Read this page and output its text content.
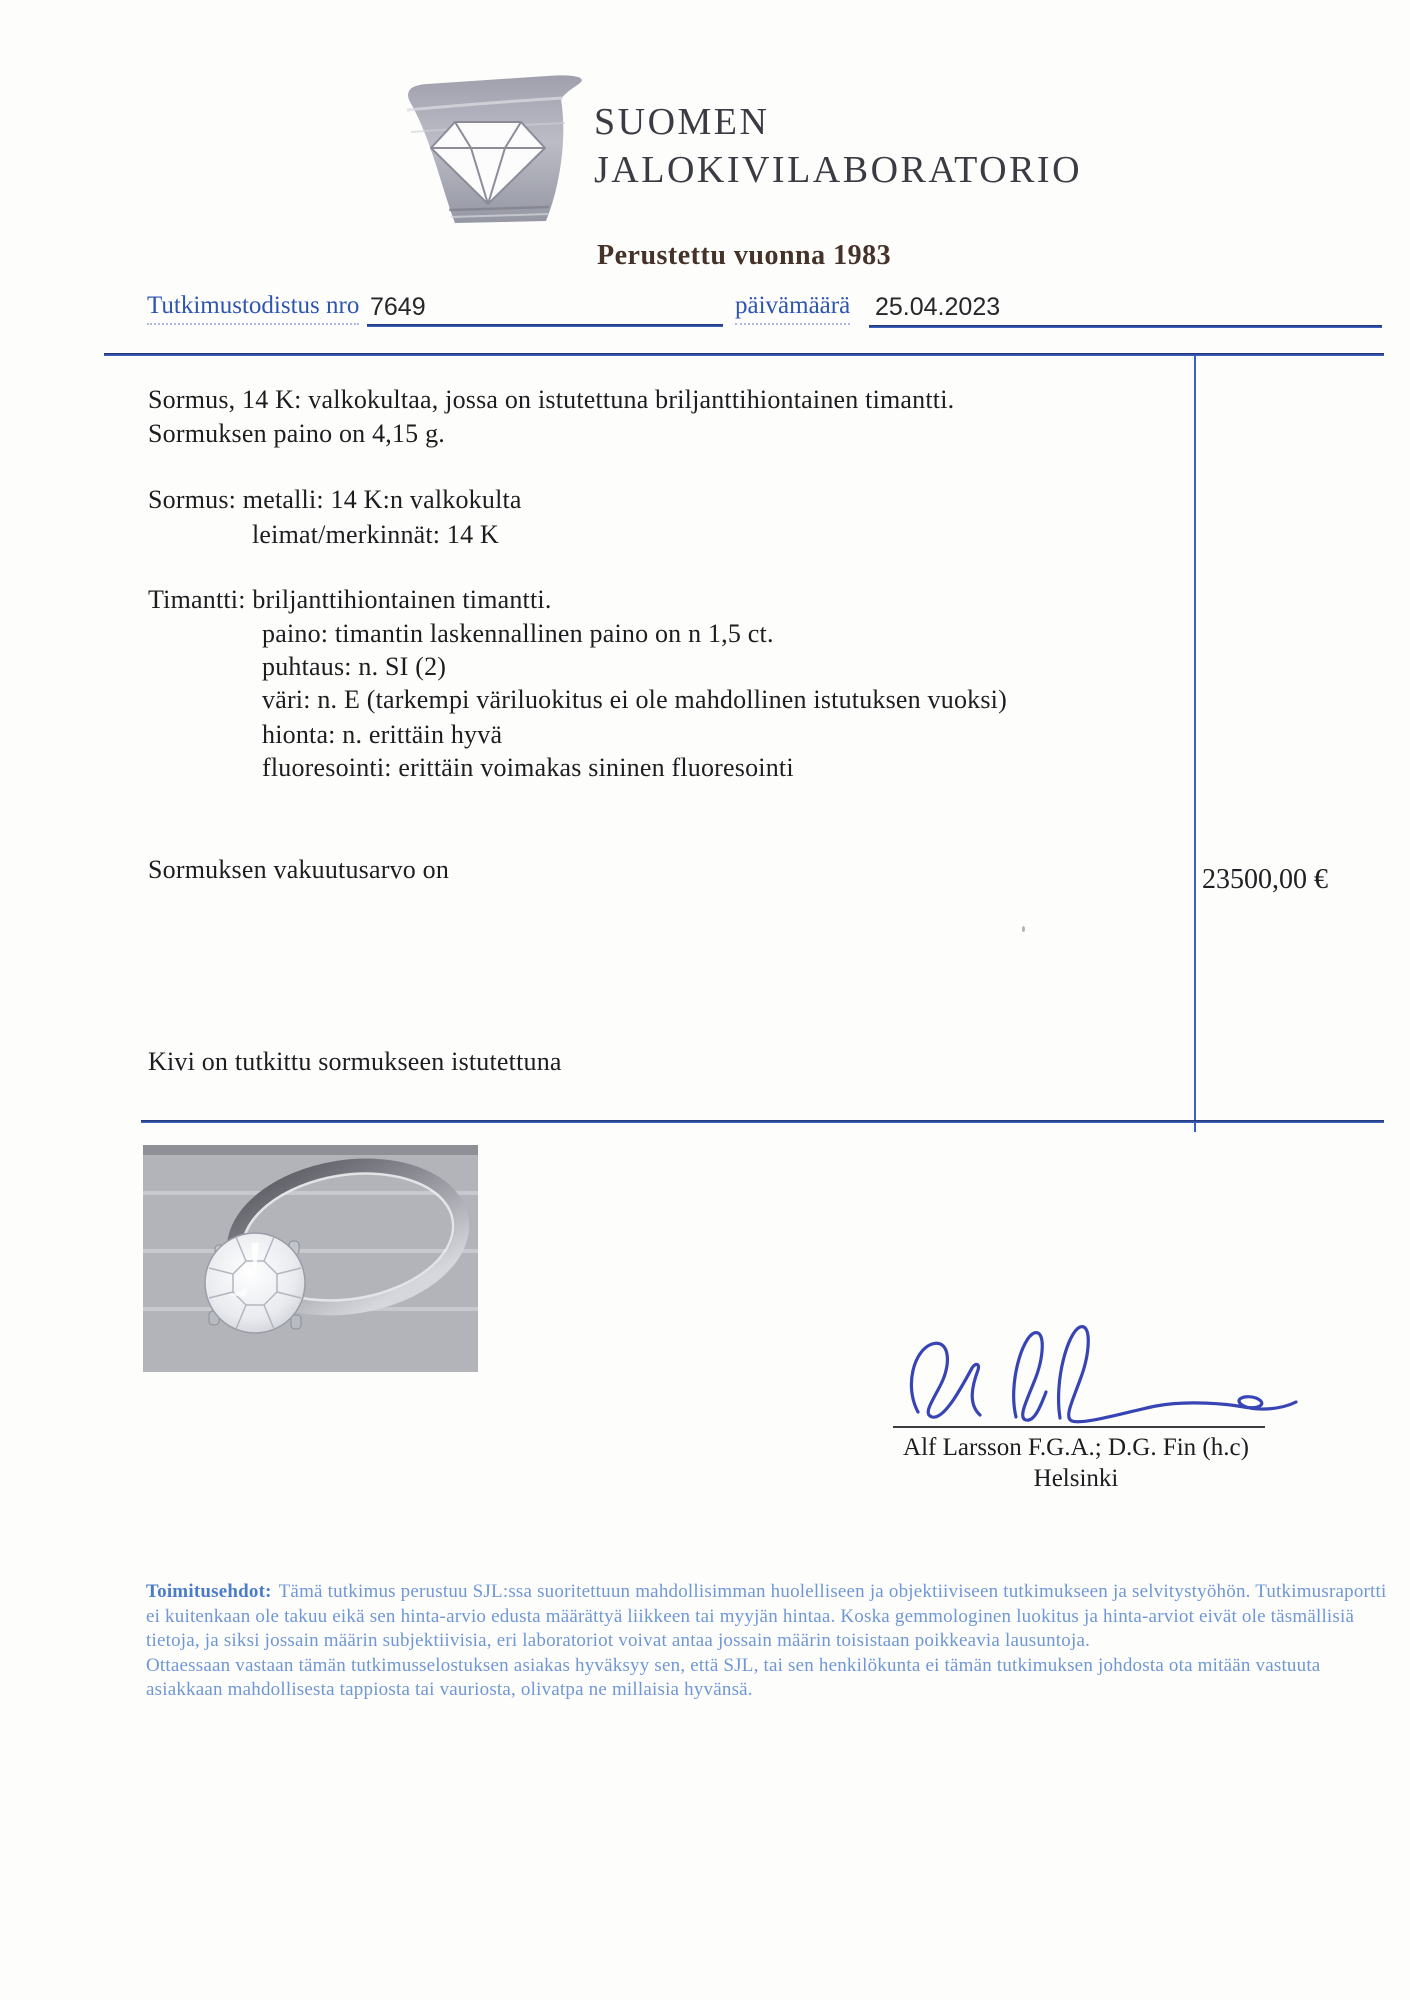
SUOMEN
JALOKIVILABORATORIO
Perustettu vuonna 1983
Tutkimustodistus nro 7649	päivämäärä 25.04.2023
Sormus, 14 K: valkokultaa, jossa on istutettuna briljanttihiontainen timantti.
Sormuksen paino on 4,15 g.
Sormus: metalli: 14 K:n valkokulta
leimat/merkinnät: 14 K
Timantti: briljanttihiontainen timantti.
paino: timantin laskennallinen paino on n 1,5 ct.
puhtaus: n. SI (2)
väri: n. E (tarkempi väriluokitus ei ole mahdollinen istutuksen vuoksi)
hionta: n. erittäin hyvä
fluoresointi: erittäin voimakas sininen fluoresointi
Sormuksen vakuutusarvo on	23500,00 €
Kivi on tutkittu sormukseen istutettuna
Alf Larsson F.G.A.; D.G. Fin (h.c)
Helsinki
Toimitusehdot: Tämä tutkimus perustuu SJL:ssa suoritettuun mahdollisimman huolelliseen ja objektiiviseen tutkimukseen ja selvitystyöhön. Tutkimusraportti
ei kuitenkaan ole takuu eikä sen hinta-arvio edusta määrättyä liikkeen tai myyjän hintaa. Koska gemmologinen luokitus ja hinta-arviot eivät ole täsmällisiä
tietoja, ja siksi jossain määrin subjektiivisia, eri laboratoriot voivat antaa jossain määrin toisistaan poikkeavia lausuntoja.
Ottaessaan vastaan tämän tutkimusselostuksen asiakas hyväksyy sen, että SJL, tai sen henkilökunta ei tämän tutkimuksen johdosta ota mitään vastuuta
asiakkaan mahdollisesta tappiosta tai vauriosta, olivatpa ne millaisia hyvänsä.
